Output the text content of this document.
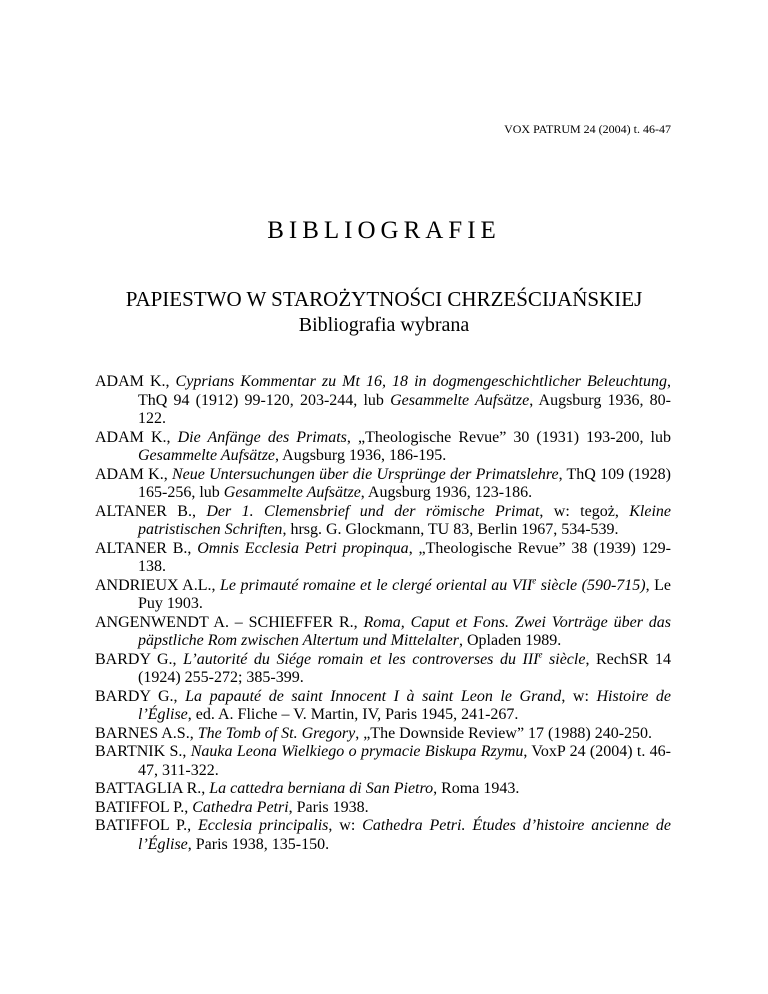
VOX PATRUM 24 (2004) t. 46-47
BIBLIOGRAFIE
PAPIESTWO W STAROŻYTNOŚCI CHRZEŚCIJAŃSKIEJ
Bibliografia wybrana
ADAM K., Cyprians Kommentar zu Mt 16, 18 in dogmengeschichtlicher Beleuchtung, ThQ 94 (1912) 99-120, 203-244, lub Gesammelte Aufsätze, Augsburg 1936, 80-122.
ADAM K., Die Anfänge des Primats, „Theologische Revue” 30 (1931) 193-200, lub Gesammelte Aufsätze, Augsburg 1936, 186-195.
ADAM K., Neue Untersuchungen über die Ursprünge der Primatslehre, ThQ 109 (1928) 165-256, lub Gesammelte Aufsätze, Augsburg 1936, 123-186.
ALTANER B., Der 1. Clemensbrief und der römische Primat, w: tegoż, Kleine patristischen Schriften, hrsg. G. Glockmann, TU 83, Berlin 1967, 534-539.
ALTANER B., Omnis Ecclesia Petri propinqua, „Theologische Revue” 38 (1939) 129-138.
ANDRIEUX A.L., Le primauté romaine et le clergé oriental au VIIe siècle (590-715), Le Puy 1903.
ANGENWENDT A. – SCHIEFFER R., Roma, Caput et Fons. Zwei Vorträge über das päpstliche Rom zwischen Altertum und Mittelalter, Opladen 1989.
BARDY G., L’autorité du Siége romain et les controverses du IIIe siècle, RechSR 14 (1924) 255-272; 385-399.
BARDY G., La papauté de saint Innocent I à saint Leon le Grand, w: Histoire de l’Église, ed. A. Fliche – V. Martin, IV, Paris 1945, 241-267.
BARNES A.S., The Tomb of St. Gregory, „The Downside Review” 17 (1988) 240-250.
BARTNIK S., Nauka Leona Wielkiego o prymacie Biskupa Rzymu, VoxP 24 (2004) t. 46-47, 311-322.
BATTAGLIA R., La cattedra berniana di San Pietro, Roma 1943.
BATIFFOL P., Cathedra Petri, Paris 1938.
BATIFFOL P., Ecclesia principalis, w: Cathedra Petri. Études d’histoire ancienne de l’Église, Paris 1938, 135-150.
